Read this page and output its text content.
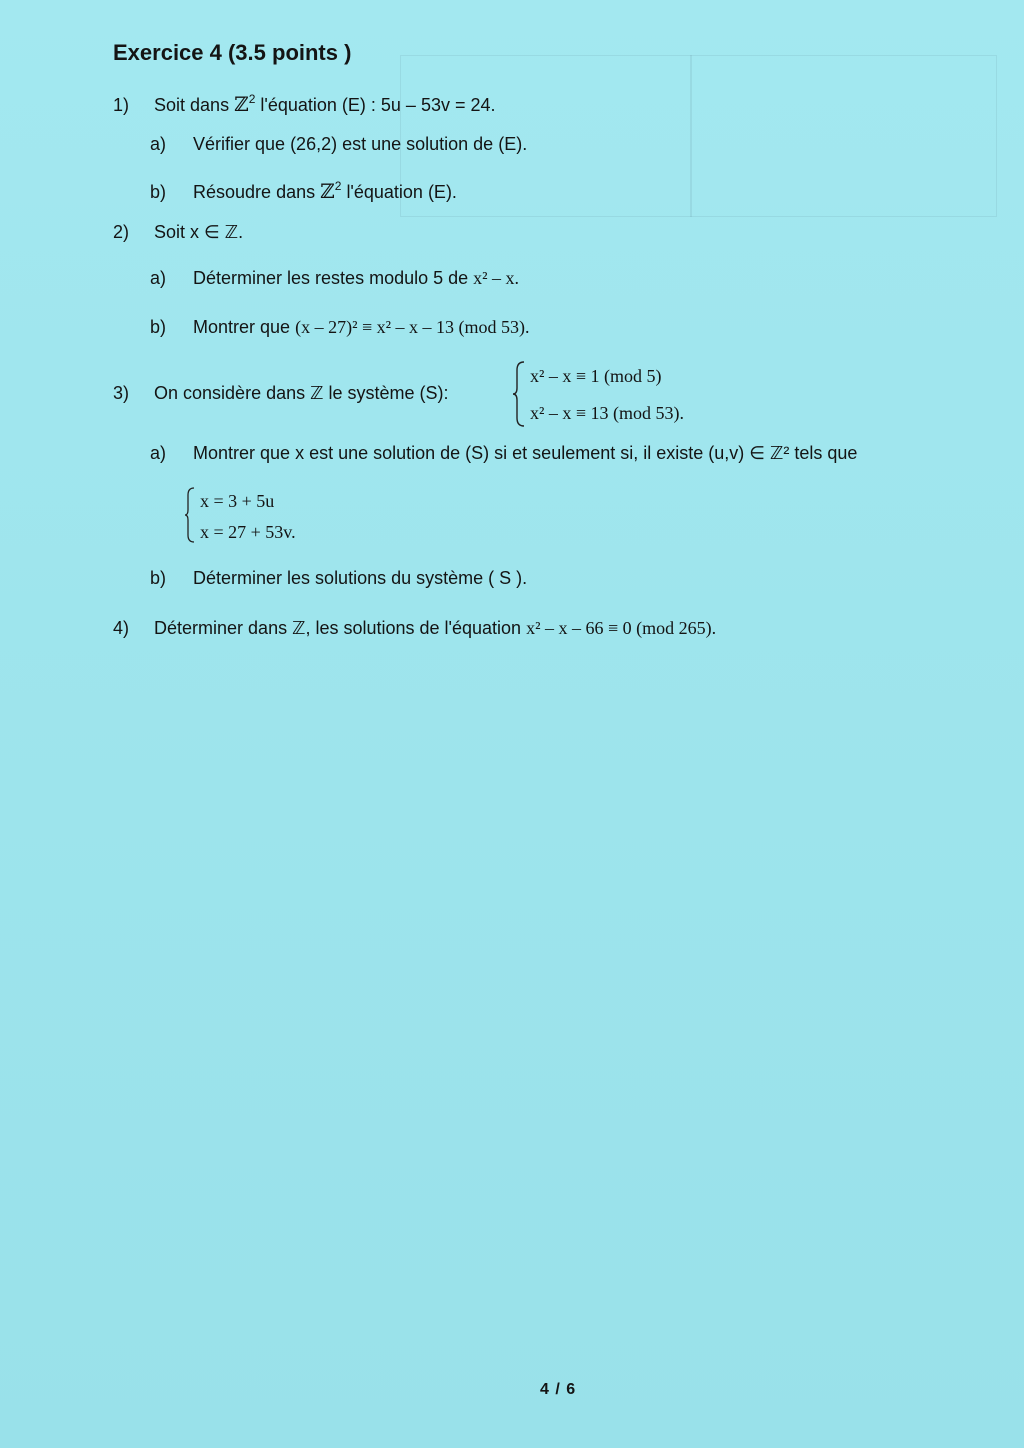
Exercice 4 (3.5 points )
1) Soit dans ℤ$^2$ l'équation (E) : 5u – 53v = 24.
a) Vérifier que (26,2) est une solution de (E).
b) Résoudre dans ℤ$^2$ l'équation (E).
2) Soit x ∈ ℤ.
a) Déterminer les restes modulo 5 de x² – x.
b) Montrer que (x – 27)² ≡ x² – x – 13 (mod 53).
3) On considère dans ℤ le système (S):
x² – x ≡ 1 (mod 5)
x² – x ≡ 13 (mod 53).
a) Montrer que x est une solution de (S) si et seulement si, il existe (u,v) ∈ ℤ² tels que
x = 3 + 5u
x = 27 + 53v.
b) Déterminer les solutions du système ( S ).
4) Déterminer dans ℤ, les solutions de l'équation x² – x – 66 ≡ 0 (mod 265).
4 / 6
